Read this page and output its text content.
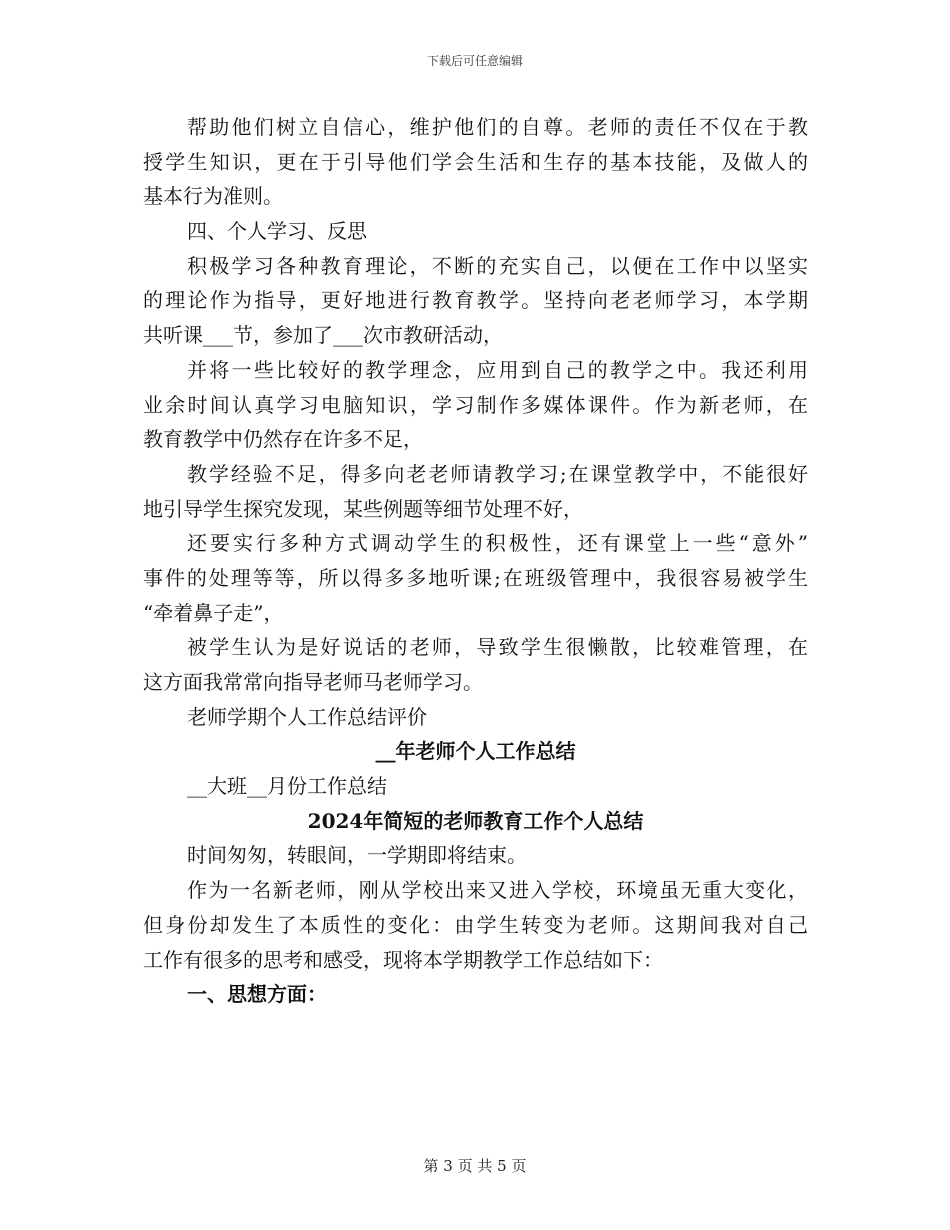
下载后可任意编辑
帮助他们树立自信心，维护他们的自尊。老师的责任不仅在于教
授学生知识，更在于引导他们学会生活和生存的基本技能，及做人的
基本行为准则。
四、个人学习、反思
积极学习各种教育理论，不断的充实自己，以便在工作中以坚实
的理论作为指导，更好地进行教育教学。坚持向老老师学习，本学期
共听课___节，参加了___次市教研活动，
并将一些比较好的教学理念，应用到自己的教学之中。我还利用
业余时间认真学习电脑知识，学习制作多媒体课件。作为新老师，在
教育教学中仍然存在许多不足，
教学经验不足，得多向老老师请教学习;在课堂教学中，不能很好
地引导学生探究发现，某些例题等细节处理不好，
还要实行多种方式调动学生的积极性，还有课堂上一些“意外”
事件的处理等等，所以得多多地听课;在班级管理中，我很容易被学生
“牵着鼻子走”，
被学生认为是好说话的老师，导致学生很懒散，比较难管理，在
这方面我常常向指导老师马老师学习。
老师学期个人工作总结评价
__年老师个人工作总结
__大班__月份工作总结
2024年简短的老师教育工作个人总结
时间匆匆，转眼间，一学期即将结束。
作为一名新老师，刚从学校出来又进入学校，环境虽无重大变化，
但身份却发生了本质性的变化：由学生转变为老师。这期间我对自己
工作有很多的思考和感受，现将本学期教学工作总结如下：
一、思想方面：
第 3 页 共 5 页
